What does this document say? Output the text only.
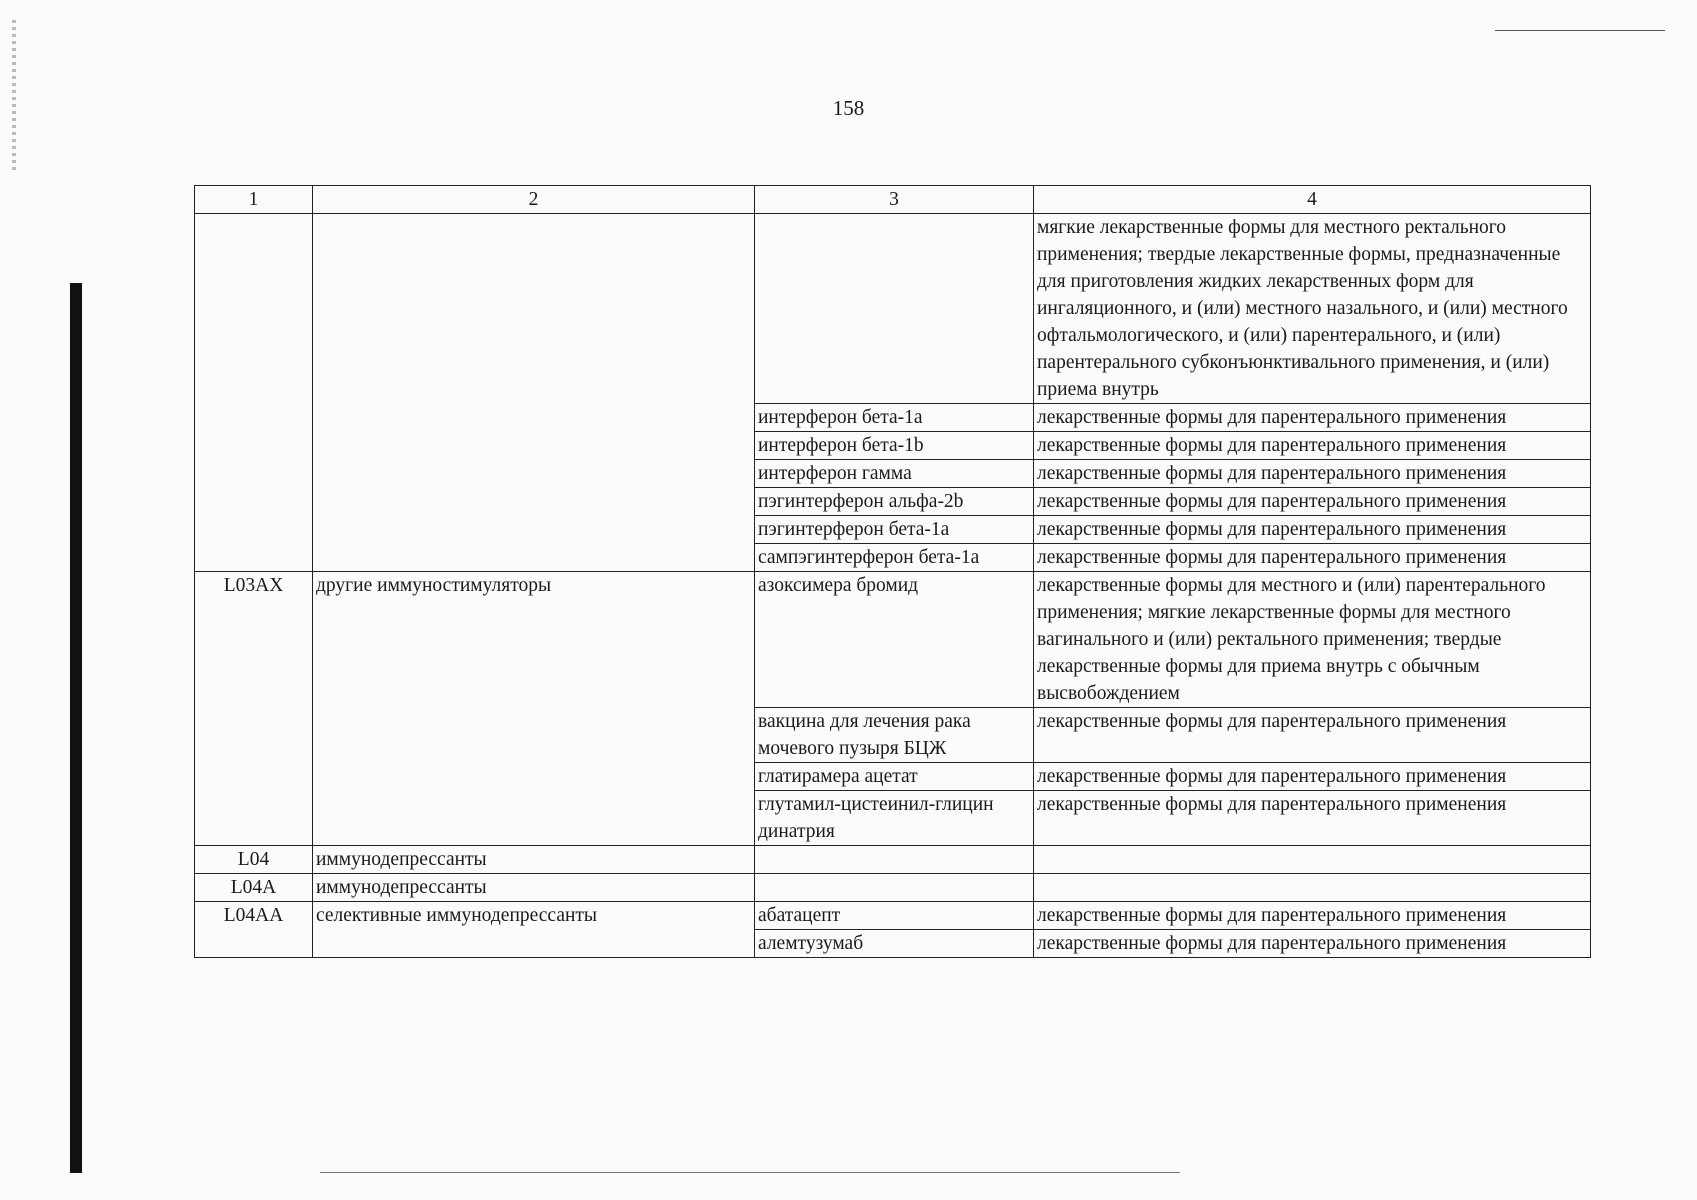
158
1	2	3	4
			мягкие лекарственные формы для местного ректального применения; твердые лекарственные формы, предназначенные для приготовления жидких лекарственных форм для ингаляционного, и (или) местного назального, и (или) местного офтальмологического, и (или) парентерального, и (или) парентерального субконъюнктивального применения, и (или) приема внутрь
		интерферон бета-1a	лекарственные формы для парентерального применения
		интерферон бета-1b	лекарственные формы для парентерального применения
		интерферон гамма	лекарственные формы для парентерального применения
		пэгинтерферон альфа-2b	лекарственные формы для парентерального применения
		пэгинтерферон бета-1a	лекарственные формы для парентерального применения
		сампэгинтерферон бета-1a	лекарственные формы для парентерального применения
L03AX	другие иммуностимуляторы	азоксимера бромид	лекарственные формы для местного и (или) парентерального применения; мягкие лекарственные формы для местного вагинального и (или) ректального применения; твердые лекарственные формы для приема внутрь с обычным высвобождением
		вакцина для лечения рака мочевого пузыря БЦЖ	лекарственные формы для парентерального применения
		глатирамера ацетат	лекарственные формы для парентерального применения
		глутамил-цистеинил-глицин динатрия	лекарственные формы для парентерального применения
L04	иммунодепрессанты		
L04A	иммунодепрессанты		
L04AA	селективные иммунодепрессанты	абатацепт	лекарственные формы для парентерального применения
		алемтузумаб	лекарственные формы для парентерального применения
